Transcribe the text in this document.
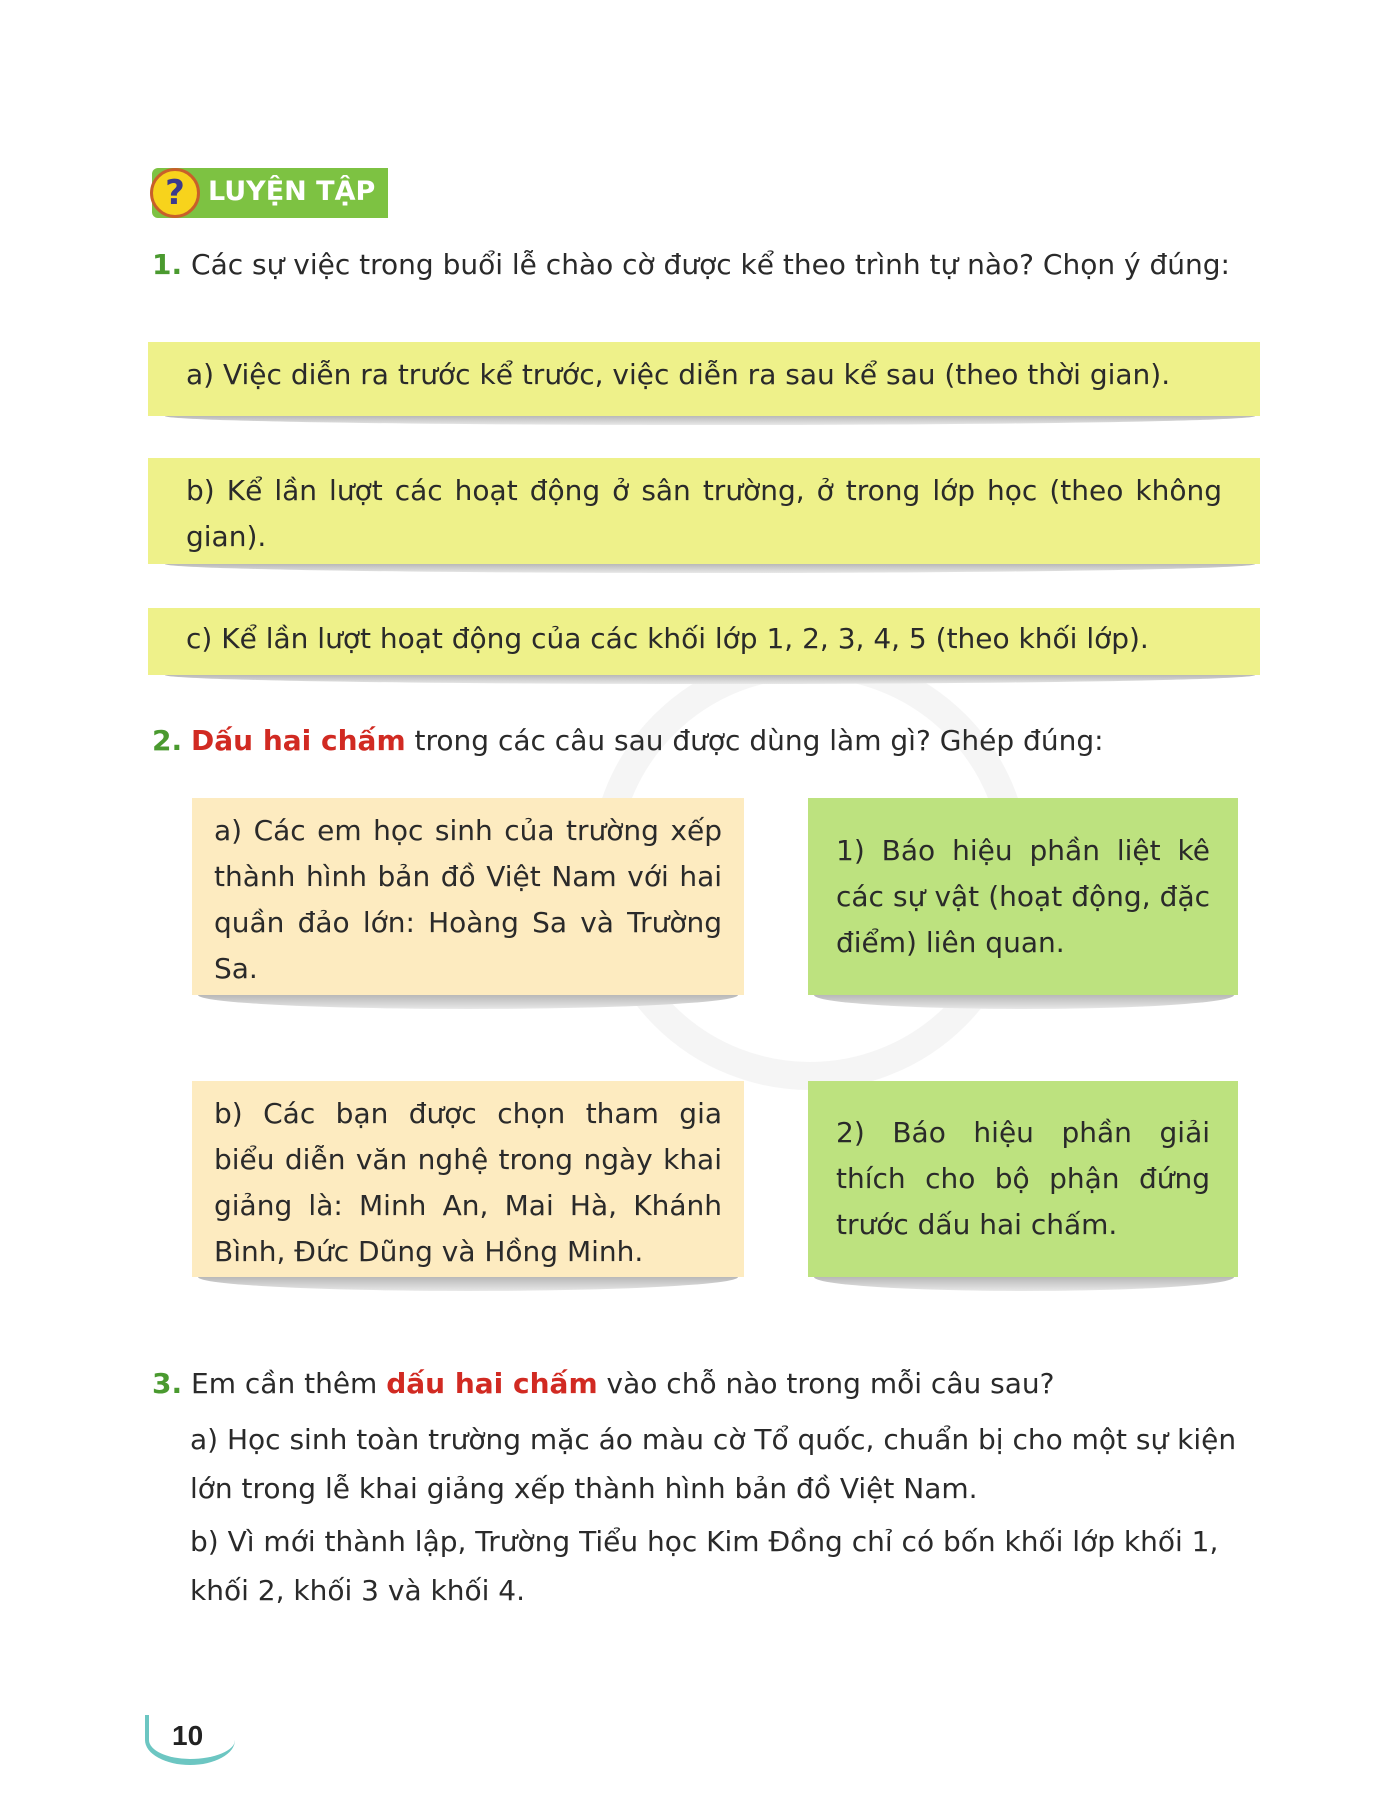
? LUYỆN TẬP
1. Các sự việc trong buổi lễ chào cờ được kể theo trình tự nào? Chọn ý đúng:
a) Việc diễn ra trước kể trước, việc diễn ra sau kể sau (theo thời gian).
b) Kể lần lượt các hoạt động ở sân trường, ở trong lớp học (theo không gian).
c) Kể lần lượt hoạt động của các khối lớp 1, 2, 3, 4, 5 (theo khối lớp).
2. Dấu hai chấm trong các câu sau được dùng làm gì? Ghép đúng:
a) Các em học sinh của trường xếp thành hình bản đồ Việt Nam với hai quần đảo lớn: Hoàng Sa và Trường Sa.
1) Báo hiệu phần liệt kê các sự vật (hoạt động, đặc điểm) liên quan.
b) Các bạn được chọn tham gia biểu diễn văn nghệ trong ngày khai giảng là: Minh An, Mai Hà, Khánh Bình, Đức Dũng và Hồng Minh.
2) Báo hiệu phần giải thích cho bộ phận đứng trước dấu hai chấm.
3. Em cần thêm dấu hai chấm vào chỗ nào trong mỗi câu sau?
a) Học sinh toàn trường mặc áo màu cờ Tổ quốc, chuẩn bị cho một sự kiện lớn trong lễ khai giảng xếp thành hình bản đồ Việt Nam.
b) Vì mới thành lập, Trường Tiểu học Kim Đồng chỉ có bốn khối lớp khối 1, khối 2, khối 3 và khối 4.
10
